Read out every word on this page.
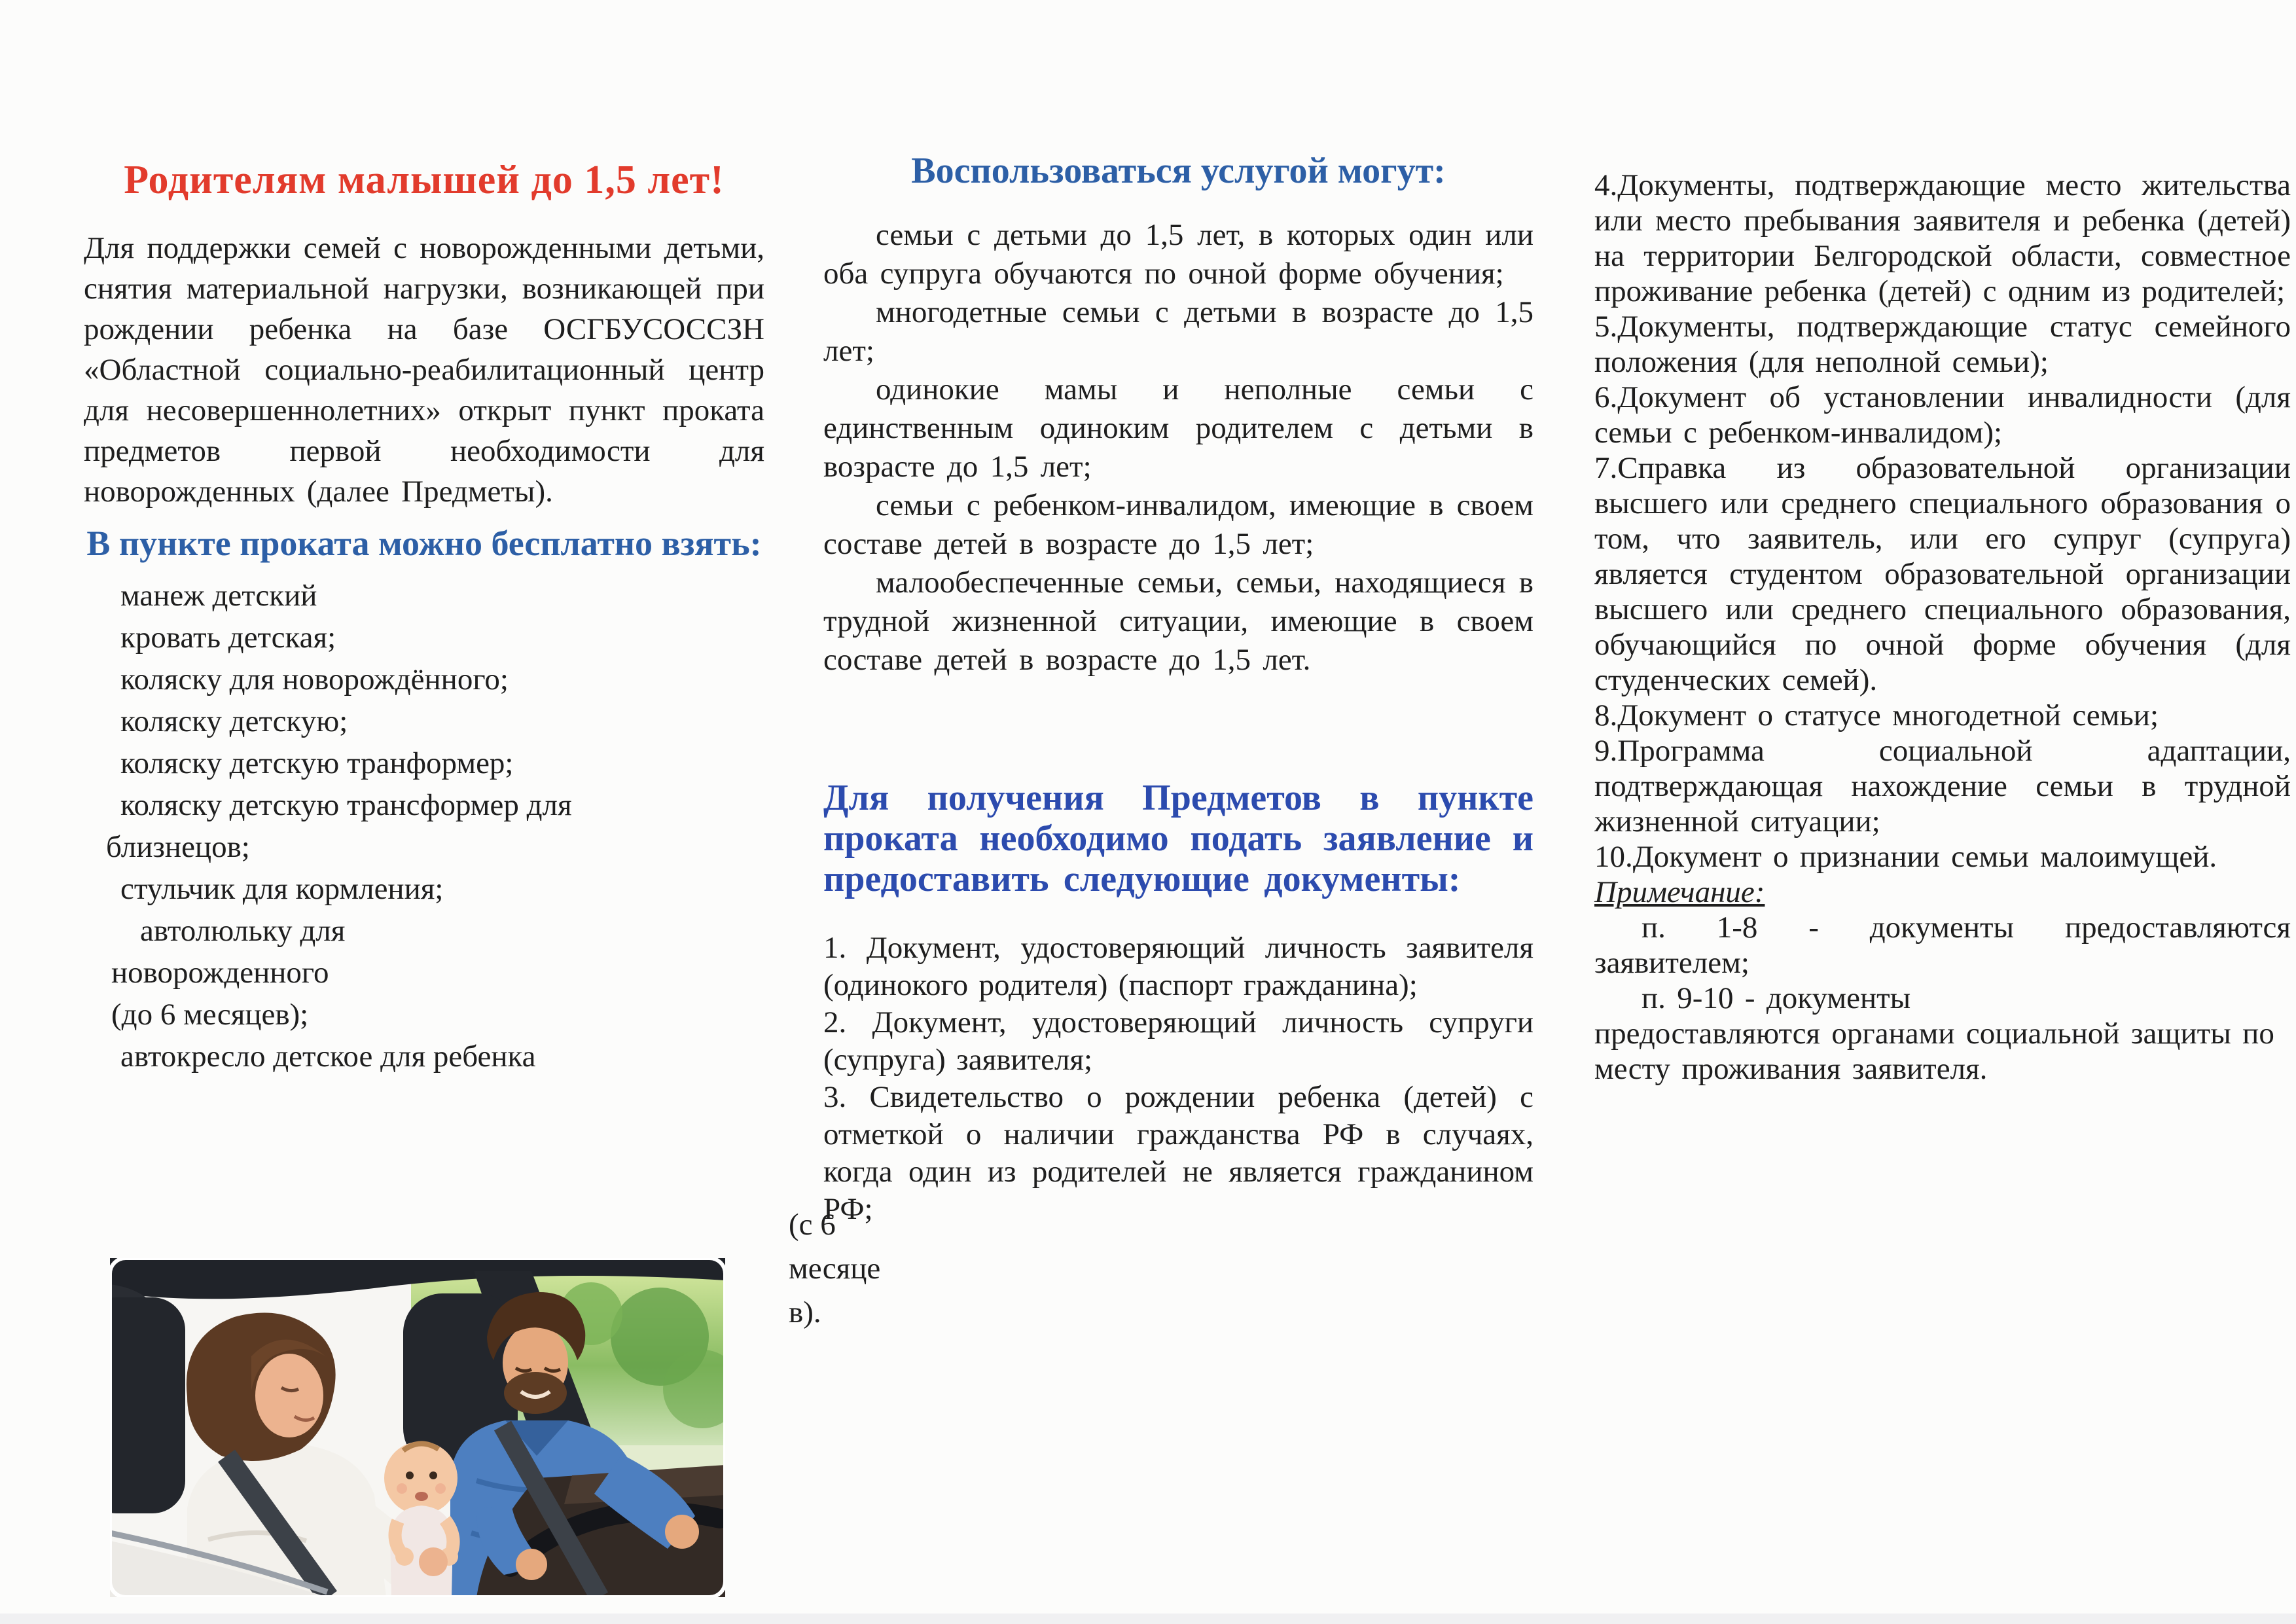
Родителям малышей до 1,5 лет!

Для поддержки семей с новорожденными детьми, снятия материальной нагрузки, возникающей при рождении ребенка на базе ОСГБУСОССЗН «Областной социально-реабилитационный центр для несовершеннолетних» открыт пункт проката предметов первой необходимости для новорожденных (далее Предметы).

В пункте проката можно бесплатно взять:
манеж детский
кровать детская;
коляску для новорождённого;
коляску детскую;
коляску детскую транформер;
коляску детскую трансформер для
близнецов;
стульчик для кормления;
автолюльку для
новорожденного
(до 6 месяцев);
автокресло детское для ребенка
(с 6
месяце
в).
Воспользоваться услугой могут:

семьи с детьми до 1,5 лет, в которых один или оба супруга обучаются по очной форме обучения;

многодетные семьи с детьми в возрасте до 1,5 лет;

одинокие мамы и неполные семьи с единственным одиноким родителем с детьми в возрасте до 1,5 лет;

семьи с ребенком-инвалидом, имеющие в своем составе детей в возрасте до 1,5 лет;

малообеспеченные семьи, семьи, находящиеся в трудной жизненной ситуации, имеющие в своем составе детей в возрасте до 1,5 лет.

Для получения Предметов в пункте проката необходимо подать заявление и предоставить следующие документы:

1. Документ, удостоверяющий личность заявителя (одинокого родителя) (паспорт гражданина);

2. Документ, удостоверяющий личность супруги (супруга) заявителя;

3. Свидетельство о рождении ребенка (детей) с отметкой о наличии гражданства РФ в случаях, когда один из родителей не является гражданином РФ;

4.Документы, подтверждающие место жительства или место пребывания заявителя и ребенка (детей) на территории Белгородской области, совместное проживание ребенка (детей) с одним из родителей;

5.Документы, подтверждающие статус семейного положения (для неполной семьи);

6.Документ об установлении инвалидности (для семьи с ребенком-инвалидом);

7.Справка из образовательной организации высшего или среднего специального образования о том, что заявитель, или его супруг (супруга) является студентом образовательной организации высшего или среднего специального образования, обучающийся по очной форме обучения (для студенческих семей).

8.Документ о статусе многодетной семьи;

9.Программа социальной адаптации, подтверждающая нахождение семьи в трудной жизненной ситуации;

10.Документ о признании семьи малоимущей.

Примечание:

п. 1-8 - документы предоставляются заявителем;

п. 9-10 - документы

предоставляются органами социальной защиты по месту проживания заявителя.
